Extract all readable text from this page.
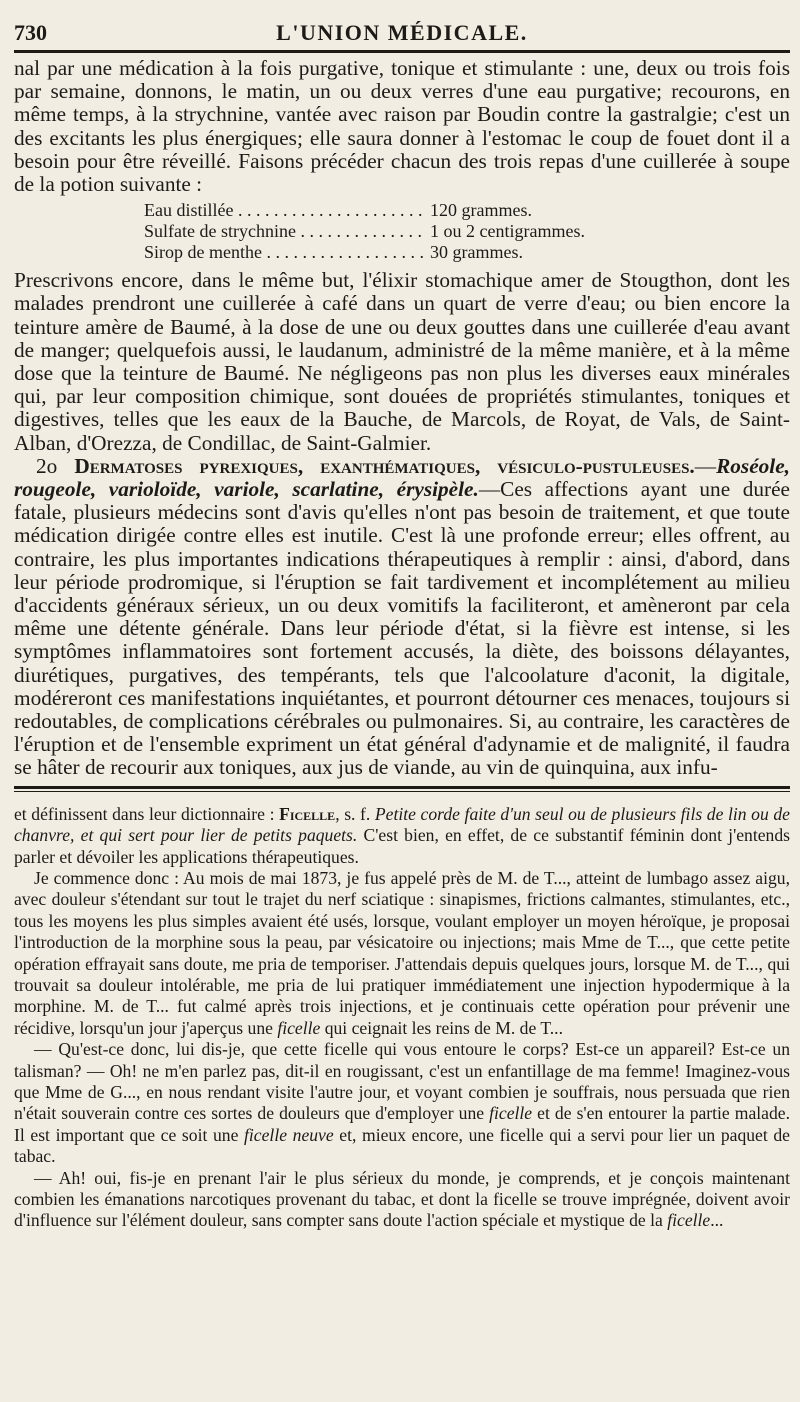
730	L'UNION MÉDICALE.

nal par une médication à la fois purgative, tonique et stimulante : une, deux ou trois fois par semaine, donnons, le matin, un ou deux verres d'une eau purgative; recourons, en même temps, à la strychnine, vantée avec raison par Boudin contre la gastralgie; c'est un des excitants les plus énergiques; elle saura donner à l'estomac le coup de fouet dont il a besoin pour être réveillé. Faisons précéder chacun des trois repas d'une cuillerée à soupe de la potion suivante :

Eau distillée . . .	120 grammes.
Sulfate de strychnine . . .	1 ou 2 centigrammes.
Sirop de menthe . . .	30 grammes.

Prescrivons encore, dans le même but, l'élixir stomachique amer de Stougthon, dont les malades prendront une cuillerée à café dans un quart de verre d'eau; ou bien encore la teinture amère de Baumé, à la dose de une ou deux gouttes dans une cuillerée d'eau avant de manger; quelquefois aussi, le laudanum, administré de la même manière, et à la même dose que la teinture de Baumé. Ne négligeons pas non plus les diverses eaux minérales qui, par leur composition chimique, sont douées de propriétés stimulantes, toniques et digestives, telles que les eaux de la Bauche, de Marcols, de Royat, de Vals, de Saint-Alban, d'Orezza, de Condillac, de Saint-Galmier.

2o Dermatoses pyrexiques, exanthématiques, vésiculo-pustuleuses.—Roséole, rougeole, varioloïde, variole, scarlatine, érysipèle.—Ces affections ayant une durée fatale, plusieurs médecins sont d'avis qu'elles n'ont pas besoin de traitement, et que toute médication dirigée contre elles est inutile. C'est là une profonde erreur; elles offrent, au contraire, les plus importantes indications thérapeutiques à remplir : ainsi, d'abord, dans leur période prodromique, si l'éruption se fait tardivement et incomplétement au milieu d'accidents généraux sérieux, un ou deux vomitifs la faciliteront, et amèneront par cela même une détente générale. Dans leur période d'état, si la fièvre est intense, si les symptômes inflammatoires sont fortement accusés, la diète, des boissons délayantes, diurétiques, purgatives, des tempérants, tels que l'alcoolature d'aconit, la digitale, modéreront ces manifestations inquiétantes, et pourront détourner ces menaces, toujours si redoutables, de complications cérébrales ou pulmonaires. Si, au contraire, les caractères de l'éruption et de l'ensemble expriment un état général d'adynamie et de malignité, il faudra se hâter de recourir aux toniques, aux jus de viande, au vin de quinquina, aux infu-

et définissent dans leur dictionnaire : Ficelle, s. f. Petite corde faite d'un seul ou de plusieurs fils de lin ou de chanvre, et qui sert pour lier de petits paquets. C'est bien, en effet, de ce substantif féminin dont j'entends parler et dévoiler les applications thérapeutiques.

Je commence donc : Au mois de mai 1873, je fus appelé près de M. de T..., atteint de lumbago assez aigu, avec douleur s'étendant sur tout le trajet du nerf sciatique : sinapismes, frictions calmantes, stimulantes, etc., tous les moyens les plus simples avaient été usés, lorsque, voulant employer un moyen héroïque, je proposai l'introduction de la morphine sous la peau, par vésicatoire ou injections; mais Mme de T..., que cette petite opération effrayait sans doute, me pria de temporiser. J'attendais depuis quelques jours, lorsque M. de T..., qui trouvait sa douleur intolérable, me pria de lui pratiquer immédiatement une injection hypodermique à la morphine. M. de T... fut calmé après trois injections, et je continuais cette opération pour prévenir une récidive, lorsqu'un jour j'aperçus une ficelle qui ceignait les reins de M. de T...

— Qu'est-ce donc, lui dis-je, que cette ficelle qui vous entoure le corps? Est-ce un appareil? Est-ce un talisman? — Oh! ne m'en parlez pas, dit-il en rougissant, c'est un enfantillage de ma femme! Imaginez-vous que Mme de G..., en nous rendant visite l'autre jour, et voyant combien je souffrais, nous persuada que rien n'était souverain contre ces sortes de douleurs que d'employer une ficelle et de s'en entourer la partie malade. Il est important que ce soit une ficelle neuve et, mieux encore, une ficelle qui a servi pour lier un paquet de tabac.

— Ah! oui, fis-je en prenant l'air le plus sérieux du monde, je comprends, et je conçois maintenant combien les émanations narcotiques provenant du tabac, et dont la ficelle se trouve imprégnée, doivent avoir d'influence sur l'élément douleur, sans compter sans doute l'action spéciale et mystique de la ficelle...
